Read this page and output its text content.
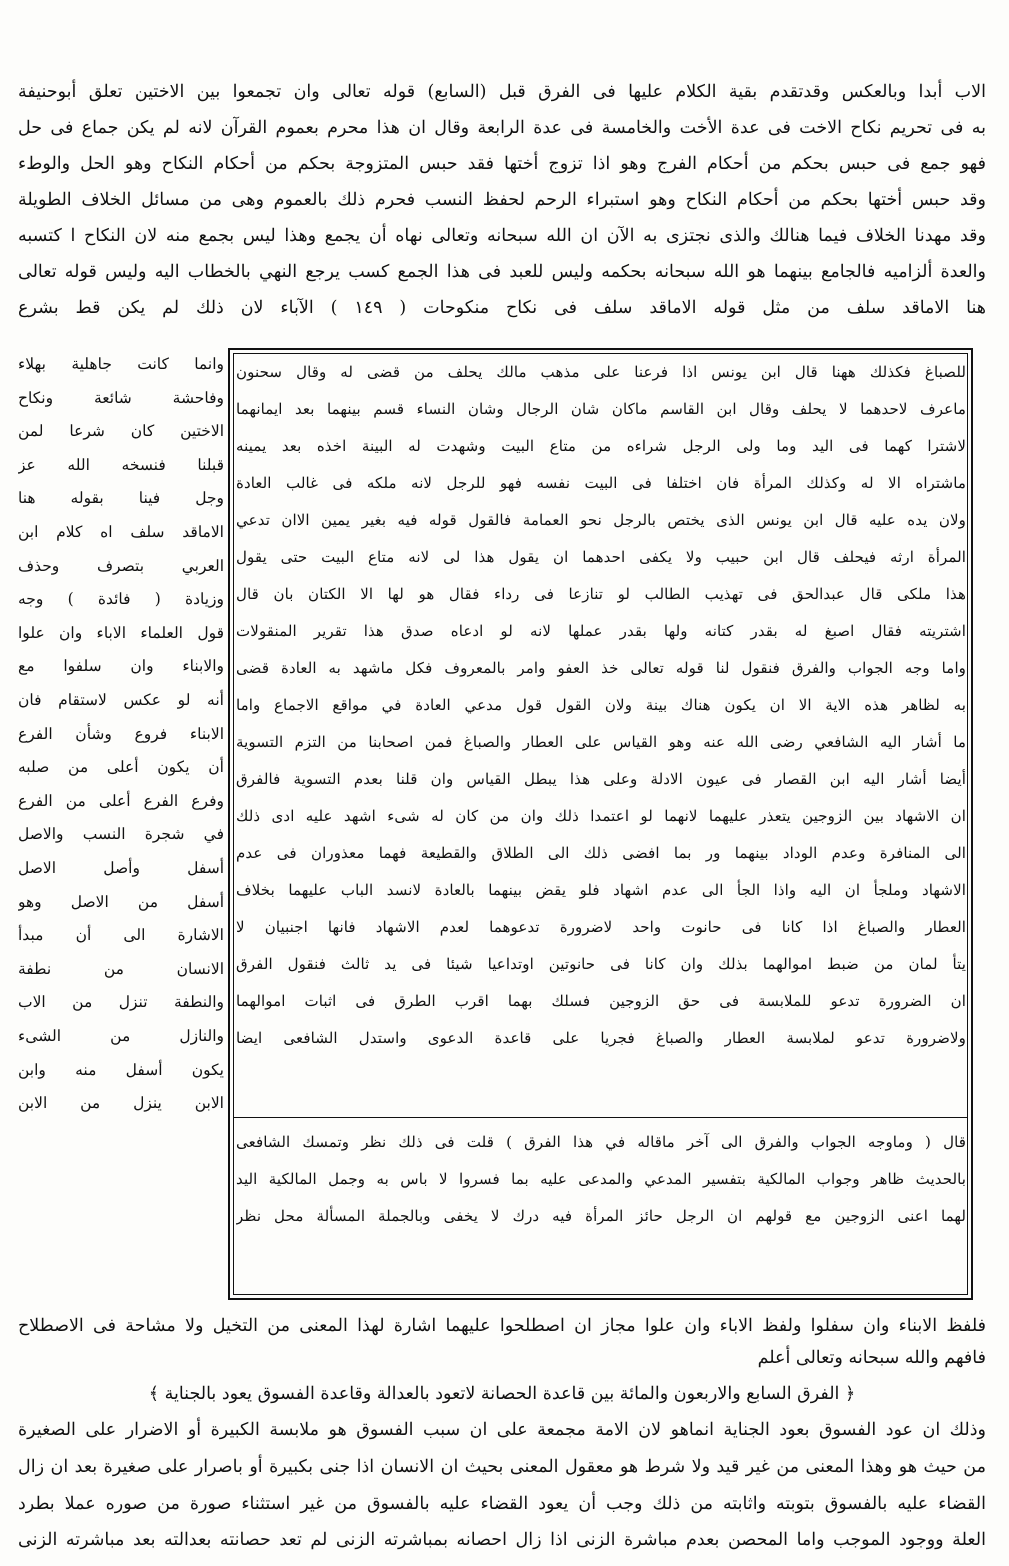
الاب أبدا وبالعكس وقدتقدم بقية الكلام عليها فى الفرق قبل (السابع) قوله تعالى وان تجمعوا بين الاختين تعلق أبوحنيفة
به فى تحريم نكاح الاخت فى عدة الأخت والخامسة فى عدة الرابعة وقال ان هذا محرم بعموم القرآن لانه لم يكن جماع فى حل
فهو جمع فى حبس بحكم من أحكام الفرج وهو اذا تزوج أختها فقد حبس المتزوجة بحكم من أحكام النكاح وهو الحل والوطء
وقد حبس أختها بحكم من أحكام النكاح وهو استبراء الرحم لحفظ النسب فحرم ذلك بالعموم وهى من مسائل الخلاف الطويلة
وقد مهدنا الخلاف فيما هنالك والذى نجتزى به الآن ان الله سبحانه وتعالى نهاه أن يجمع وهذا ليس بجمع منه لان النكاح ا كتسبه
والعدة ألزاميه فالجامع بينهما هو الله سبحانه بحكمه وليس للعبد فى هذا الجمع كسب يرجع النهي بالخطاب اليه وليس قوله تعالى
هنا الاماقد سلف من مثل قوله الاماقد سلف فى نكاح منكوحات ( ١٤٩ ) الآباء لان ذلك لم يكن قط بشرع
للصباغ فكذلك ههنا قال ابن يونس اذا فرعنا على مذهب مالك يحلف من قضى له وقال سحنون
ماعرف لاحدهما لا يحلف وقال ابن القاسم ماكان شان الرجال وشان النساء قسم بينهما بعد ايمانهما
لاشترا كهما فى اليد وما ولى الرجل شراءه من متاع البيت وشهدت له البينة اخذه بعد يمينه
ماشتراه الا له وكذلك المرأة فان اختلفا فى البيت نفسه فهو للرجل لانه ملكه فى غالب العادة
ولان يده عليه قال ابن يونس الذى يختص بالرجل نحو العمامة فالقول قوله فيه بغير يمين الاان تدعي
المرأة ارثه فيحلف قال ابن حبيب ولا يكفى احدهما ان يقول هذا لى لانه متاع البيت حتى يقول
هذا ملكى قال عبدالحق فى تهذيب الطالب لو تنازعا فى رداء فقال هو لها الا الكتان بان قال
اشتريته فقال اصبغ له بقدر كتانه ولها بقدر عملها لانه لو ادعاه صدق هذا تقرير المنقولات
واما وجه الجواب والفرق فنقول لنا قوله تعالى خذ العفو وامر بالمعروف فكل ماشهد به العادة قضى
به لظاهر هذه الاية الا ان يكون هناك بينة ولان القول قول مدعي العادة في مواقع الاجماع واما
ما أشار اليه الشافعي رضى الله عنه وهو القياس على العطار والصباغ فمن اصحابنا من التزم التسوية
أيضا أشار اليه ابن القصار فى عيون الادلة وعلى هذا يبطل القياس وان قلنا بعدم التسوية فالفرق
ان الاشهاد بين الزوجين يتعذر عليهما لانهما لو اعتمدا ذلك وان من كان له شىء اشهد عليه ادى ذلك
الى المنافرة وعدم الوداد بينهما ور بما افضى ذلك الى الطلاق والقطيعة فهما معذوران فى عدم
الاشهاد وملجأ ان اليه واذا الجأ الى عدم اشهاد فلو يقض بينهما بالعادة لانسد الباب عليهما بخلاف
العطار والصباغ اذا كانا فى حانوت واحد لاضرورة تدعوهما لعدم الاشهاد فانها اجنبيان لا
يتأ لمان من ضبط اموالهما بذلك وان كانا فى حانوتين اوتداعيا شيئا فى يد ثالث فنقول الفرق
ان الضرورة تدعو للملابسة فى حق الزوجين فسلك بهما اقرب الطرق فى اثبات اموالهما
ولاضرورة تدعو لملابسة العطار والصباغ فجريا على قاعدة الدعوى واستدل الشافعى ايضا
قال ( وماوجه الجواب والفرق الى آخر ماقاله في هذا الفرق ) قلت فى ذلك نظر وتمسك الشافعى
بالحديث ظاهر وجواب المالكية بتفسير المدعي والمدعى عليه بما فسروا لا باس به وجمل المالكية اليد
لهما اعنى الزوجين مع قولهم ان الرجل حائز المرأة فيه درك لا يخفى وبالجملة المسألة محل نظر
وانما كانت جاهلية بهلاء
وفاحشة شائعة ونكاح
الاختين كان شرعا لمن
قبلنا فنسخه الله عز
وجل فينا بقوله هنا
الاماقد سلف اه كلام ابن
العربي بتصرف وحذف
وزيادة ( فائدة ) وجه
قول العلماء الاباء وان علوا
والابناء وان سلفوا مع
أنه لو عكس لاستقام فان
الابناء فروع وشأن الفرع
أن يكون أعلى من صلبه
وفرع الفرع أعلى من الفرع
في شجرة النسب والاصل
أسفل وأصل الاصل
أسفل من الاصل وهو
الاشارة الى أن مبدأ
الانسان من نطفة
والنطفة تنزل من الاب
والنازل من الشىء
يكون أسفل منه وابن
الابن ينزل من الابن
فلفظ الابناء وان سفلوا ولفظ الاباء وان علوا مجاز ان اصطلحوا عليهما اشارة لهذا المعنى من التخيل ولا مشاحة فى الاصطلاح
فافهم والله سبحانه وتعالى أعلم
﴿ الفرق السابع والاربعون والمائة بين قاعدة الحصانة لاتعود بالعدالة وقاعدة الفسوق يعود بالجناية ﴾
وذلك ان عود الفسوق بعود الجناية انماهو لان الامة مجمعة على ان سبب الفسوق هو ملابسة الكبيرة أو الاضرار على الصغيرة
من حيث هو وهذا المعنى من غير قيد ولا شرط هو معقول المعنى بحيث ان الانسان اذا جنى بكبيرة أو باصرار على صغيرة بعد ان زال
القضاء عليه بالفسوق بتوبته واثابته من ذلك وجب أن يعود القضاء عليه بالفسوق من غير استثناء صورة من صوره عملا بطرد
العلة ووجود الموجب واما المحصن بعدم مباشرة الزنى اذا زال احصانه بمباشرته الزنى لم تعد حصانته بعدالته بعد مباشرته الزنى
